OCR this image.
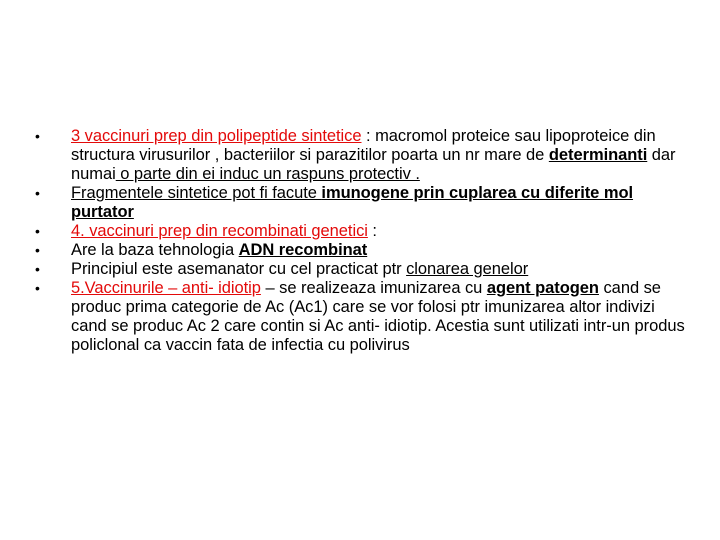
• 3 vaccinuri prep din polipeptide sintetice : macromol proteice sau lipoproteice din structura virusurilor , bacteriilor si parazitilor poarta un nr mare de determinanti dar numai o parte din ei induc un raspuns protectiv .
• Fragmentele sintetice pot fi facute imunogene prin cuplarea cu diferite mol purtator
• 4. vaccinuri prep din recombinati genetici :
• Are la baza tehnologia ADN recombinat
• Principiul este asemanator cu cel practicat ptr clonarea genelor
• 5.Vaccinurile – anti- idiotip – se realizeaza imunizarea cu agent patogen cand se produc prima categorie de Ac (Ac1) care se vor folosi ptr imunizarea altor indivizi cand se produc Ac 2 care contin si Ac anti- idiotip. Acestia sunt utilizati intr-un produs policlonal ca vaccin fata de infectia cu polivirus
